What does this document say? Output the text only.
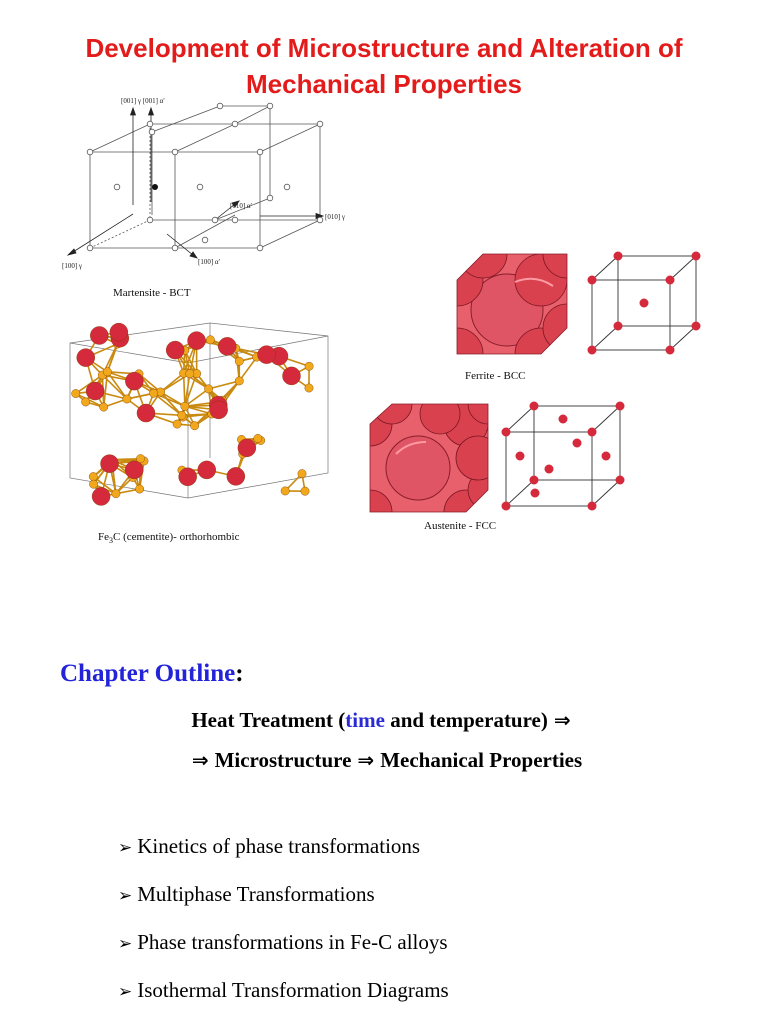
Development of Microstructure and Alteration of Mechanical Properties
[001] γ [001] α'
[010] γ
[010] α'
[100] γ	[100] α'
Martensite - BCT
$Fe_3C$ (cementite)- orthorhombic
Ferrite - BCC
Austenite - FCC
Chapter Outline:
Heat Treatment (time and temperature) ⇒
⇒ Microstructure ⇒ Mechanical Properties
➢ Kinetics of phase transformations
➢ Multiphase Transformations
➢ Phase transformations in Fe-C alloys
➢ Isothermal Transformation Diagrams
